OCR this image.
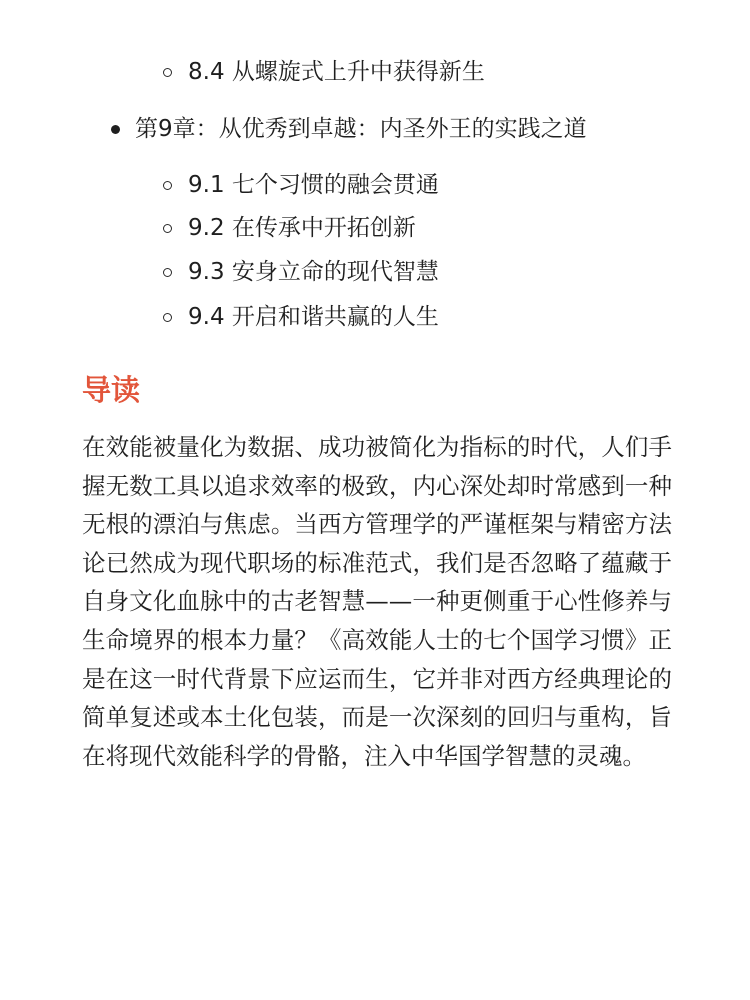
8.4 从螺旋式上升中获得新生
第9章：从优秀到卓越：内圣外王的实践之道
9.1 七个习惯的融会贯通
9.2 在传承中开拓创新
9.3 安身立命的现代智慧
9.4 开启和谐共赢的人生
导读

在效能被量化为数据、成功被简化为指标的时代，人们手握无数工具以追求效率的极致，内心深处却时常感到一种无根的漂泊与焦虑。当西方管理学的严谨框架与精密方法论已然成为现代职场的标准范式，我们是否忽略了蕴藏于自身文化血脉中的古老智慧——一种更侧重于心性修养与生命境界的根本力量？《高效能人士的七个国学习惯》正是在这一时代背景下应运而生，它并非对西方经典理论的简单复述或本土化包装，而是一次深刻的回归与重构，旨在将现代效能科学的骨骼，注入中华国学智慧的灵魂。
